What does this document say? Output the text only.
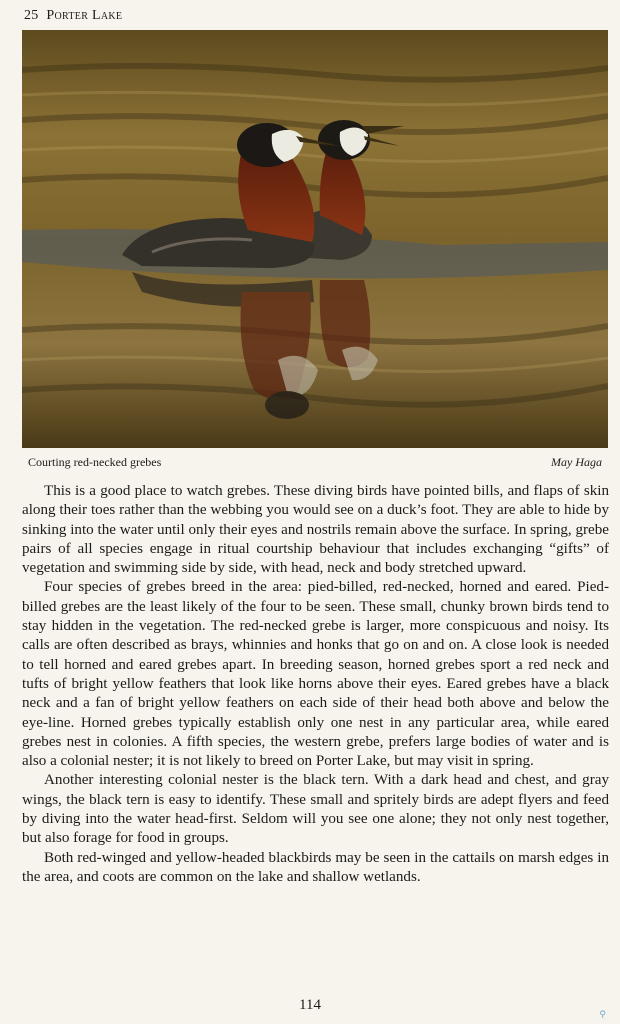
25 Porter Lake
Courting red-necked grebes	May Haga

This is a good place to watch grebes. These diving birds have pointed bills, and flaps of skin along their toes rather than the webbing you would see on a duck’s foot. They are able to hide by sinking into the water until only their eyes and nostrils remain above the surface. In spring, grebe pairs of all species engage in ritual courtship behaviour that includes exchanging “gifts” of vegetation and swimming side by side, with head, neck and body stretched upward.

Four species of grebes breed in the area: pied-billed, red-necked, horned and eared. Pied-billed grebes are the least likely of the four to be seen. These small, chunky brown birds tend to stay hidden in the vegetation. The red-necked grebe is larger, more conspicuous and noisy. Its calls are often described as brays, whinnies and honks that go on and on. A close look is needed to tell horned and eared grebes apart. In breeding season, horned grebes sport a red neck and tufts of bright yellow feathers that look like horns above their eyes. Eared grebes have a black neck and a fan of bright yellow feathers on each side of their head both above and below the eye-line. Horned grebes typically establish only one nest in any particular area, while eared grebes nest in colonies. A fifth species, the western grebe, prefers large bodies of water and is also a colonial nester; it is not likely to breed on Porter Lake, but may visit in spring.

Another interesting colonial nester is the black tern. With a dark head and chest, and gray wings, the black tern is easy to identify. These small and spritely birds are adept flyers and feed by diving into the water head-first. Seldom will you see one alone; they not only nest together, but also forage for food in groups.

Both red-winged and yellow-headed blackbirds may be seen in the cattails on marsh edges in the area, and coots are common on the lake and shallow wetlands.

114
⚲
